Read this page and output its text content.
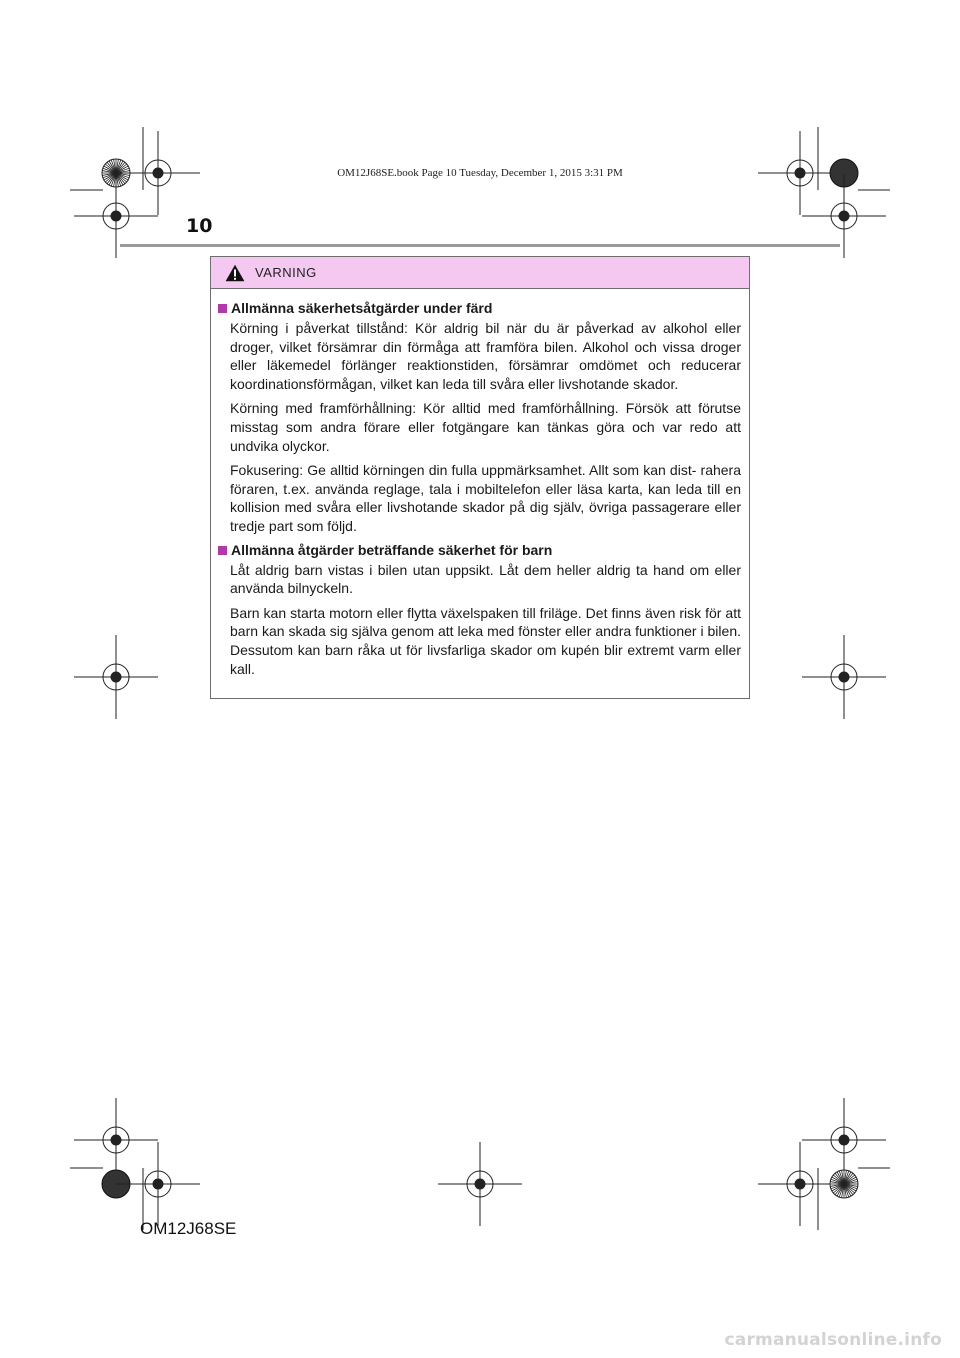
OM12J68SE.book Page 10 Tuesday, December 1, 2015 3:31 PM
10
VARNING
Allmänna säkerhetsåtgärder under färd

Körning i påverkat tillstånd: Kör aldrig bil när du är påverkad av alkohol eller droger, vilket försämrar din förmåga att framföra bilen. Alkohol och vissa droger eller läkemedel förlänger reaktionstiden, försämrar omdömet och reducerar koordinationsförmågan, vilket kan leda till svåra eller livshotande skador.

Körning med framförhållning: Kör alltid med framförhållning. Försök att förutse misstag som andra förare eller fotgängare kan tänkas göra och var redo att undvika olyckor.

Fokusering: Ge alltid körningen din fulla uppmärksamhet. Allt som kan dist- rahera föraren, t.ex. använda reglage, tala i mobiltelefon eller läsa karta, kan leda till en kollision med svåra eller livshotande skador på dig själv, övriga passagerare eller tredje part som följd.

Allmänna åtgärder beträffande säkerhet för barn

Låt aldrig barn vistas i bilen utan uppsikt. Låt dem heller aldrig ta hand om eller använda bilnyckeln.

Barn kan starta motorn eller flytta växelspaken till friläge. Det finns även risk för att barn kan skada sig själva genom att leka med fönster eller andra funktioner i bilen. Dessutom kan barn råka ut för livsfarliga skador om kupén blir extremt varm eller kall.

OM12J68SE
carmanualsonline.info
